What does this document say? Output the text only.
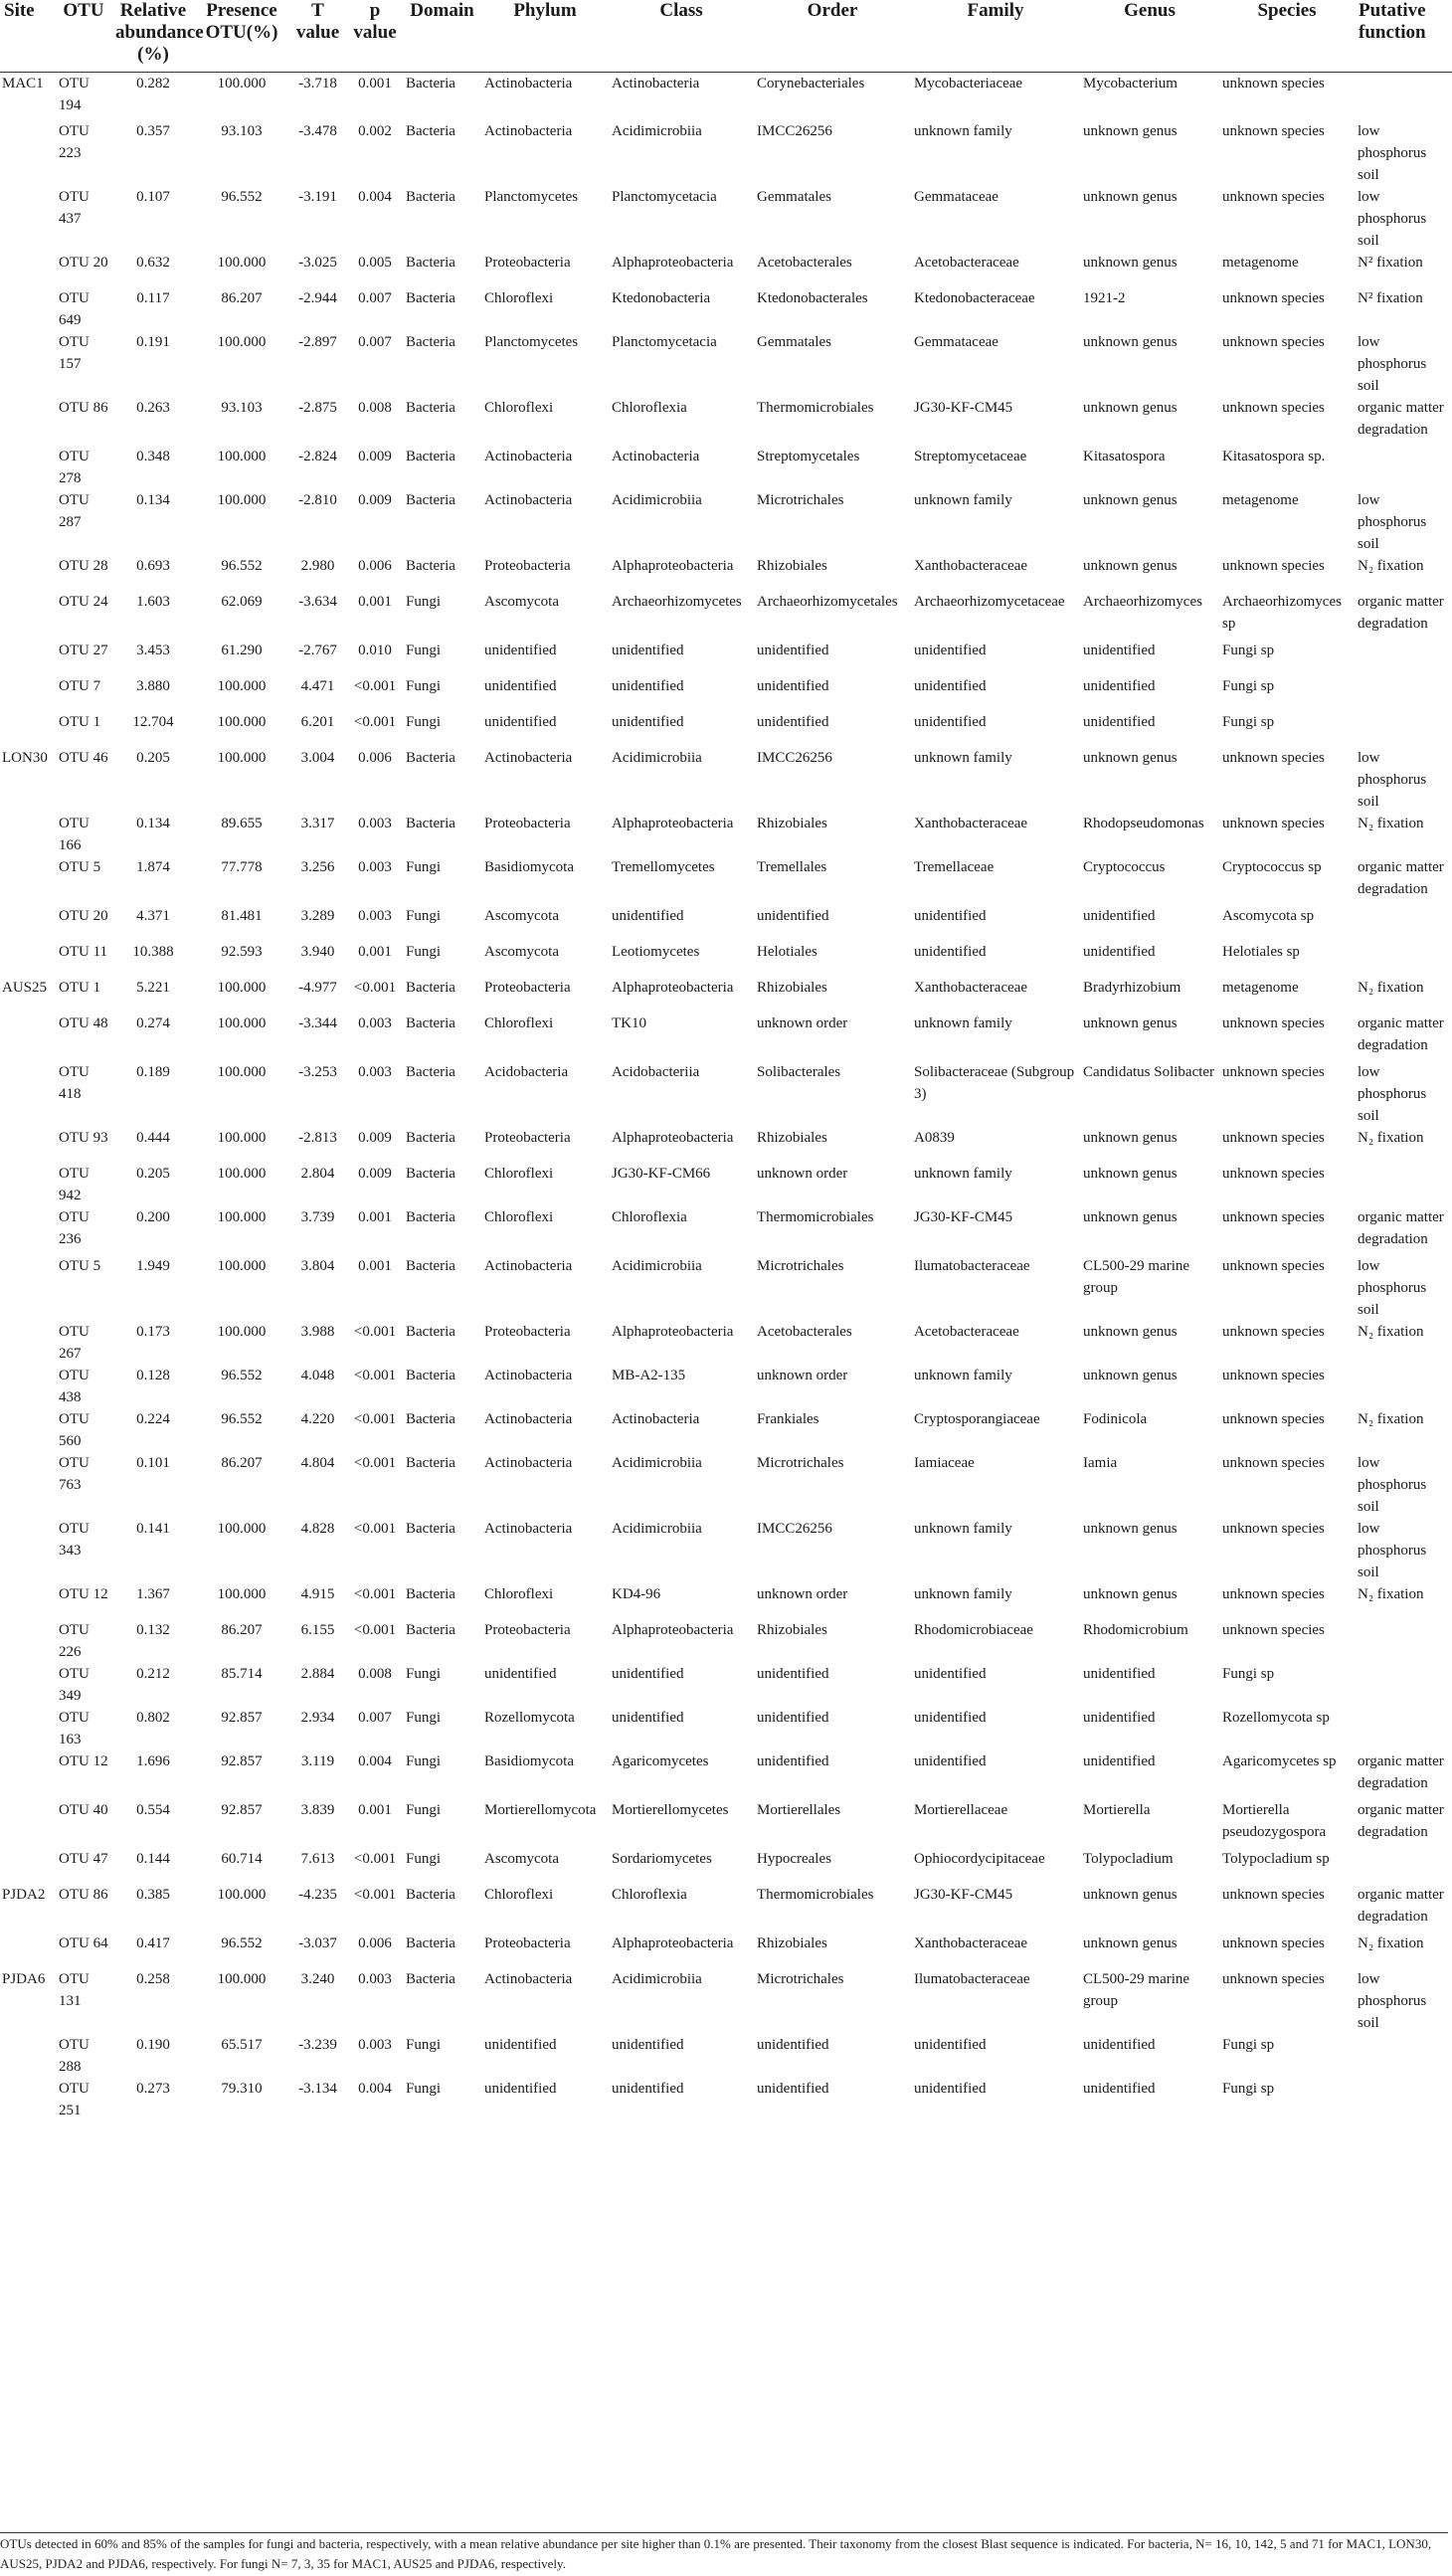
Site	OTU	Relative abundance (%)	Presence OTU(%)	T value	p value	Domain	Phylum	Class	Order	Family	Genus	Species	Putative function
MAC1	OTU 194	0.282	100.000	-3.718	0.001	Bacteria	Actinobacteria	Actinobacteria	Corynebacteriales	Mycobacteriaceae	Mycobacterium	unknown species	
	OTU 223	0.357	93.103	-3.478	0.002	Bacteria	Actinobacteria	Acidimicrobiia	IMCC26256	unknown family	unknown genus	unknown species	low phosphorus soil
	OTU 437	0.107	96.552	-3.191	0.004	Bacteria	Planctomycetes	Planctomycetacia	Gemmatales	Gemmataceae	unknown genus	unknown species	low phosphorus soil
	OTU 20	0.632	100.000	-3.025	0.005	Bacteria	Proteobacteria	Alphaproteobacteria	Acetobacterales	Acetobacteraceae	unknown genus	metagenome	N² fixation
	OTU 649	0.117	86.207	-2.944	0.007	Bacteria	Chloroflexi	Ktedonobacteria	Ktedonobacterales	Ktedonobacteraceae	1921-2	unknown species	N² fixation
	OTU 157	0.191	100.000	-2.897	0.007	Bacteria	Planctomycetes	Planctomycetacia	Gemmatales	Gemmataceae	unknown genus	unknown species	low phosphorus soil
	OTU 86	0.263	93.103	-2.875	0.008	Bacteria	Chloroflexi	Chloroflexia	Thermomicrobiales	JG30-KF-CM45	unknown genus	unknown species	organic matter degradation
	OTU 278	0.348	100.000	-2.824	0.009	Bacteria	Actinobacteria	Actinobacteria	Streptomycetales	Streptomycetaceae	Kitasatospora	Kitasatospora sp.	
	OTU 287	0.134	100.000	-2.810	0.009	Bacteria	Actinobacteria	Acidimicrobiia	Microtrichales	unknown family	unknown genus	metagenome	low phosphorus soil
	OTU 28	0.693	96.552	2.980	0.006	Bacteria	Proteobacteria	Alphaproteobacteria	Rhizobiales	Xanthobacteraceae	unknown genus	unknown species	N₂ fixation
	OTU 24	1.603	62.069	-3.634	0.001	Fungi	Ascomycota	Archaeorhizomycetes	Archaeorhizomycetales	Archaeorhizomycetaceae	Archaeorhizomyces	Archaeorhizomyces sp	organic matter degradation
	OTU 27	3.453	61.290	-2.767	0.010	Fungi	unidentified	unidentified	unidentified	unidentified	unidentified	Fungi sp	
	OTU 7	3.880	100.000	4.471	<0.001	Fungi	unidentified	unidentified	unidentified	unidentified	unidentified	Fungi sp	
	OTU 1	12.704	100.000	6.201	<0.001	Fungi	unidentified	unidentified	unidentified	unidentified	unidentified	Fungi sp	
LON30	OTU 46	0.205	100.000	3.004	0.006	Bacteria	Actinobacteria	Acidimicrobiia	IMCC26256	unknown family	unknown genus	unknown species	low phosphorus soil
	OTU 166	0.134	89.655	3.317	0.003	Bacteria	Proteobacteria	Alphaproteobacteria	Rhizobiales	Xanthobacteraceae	Rhodopseudomonas	unknown species	N₂ fixation
	OTU 5	1.874	77.778	3.256	0.003	Fungi	Basidiomycota	Tremellomycetes	Tremellales	Tremellaceae	Cryptococcus	Cryptococcus sp	organic matter degradation
	OTU 20	4.371	81.481	3.289	0.003	Fungi	Ascomycota	unidentified	unidentified	unidentified	unidentified	Ascomycota sp	
	OTU 11	10.388	92.593	3.940	0.001	Fungi	Ascomycota	Leotiomycetes	Helotiales	unidentified	unidentified	Helotiales sp	
AUS25	OTU 1	5.221	100.000	-4.977	<0.001	Bacteria	Proteobacteria	Alphaproteobacteria	Rhizobiales	Xanthobacteraceae	Bradyrhizobium	metagenome	N₂ fixation
	OTU 48	0.274	100.000	-3.344	0.003	Bacteria	Chloroflexi	TK10	unknown order	unknown family	unknown genus	unknown species	organic matter degradation
	OTU 418	0.189	100.000	-3.253	0.003	Bacteria	Acidobacteria	Acidobacteriia	Solibacterales	Solibacteraceae (Subgroup 3)	Candidatus Solibacter	unknown species	low phosphorus soil
	OTU 93	0.444	100.000	-2.813	0.009	Bacteria	Proteobacteria	Alphaproteobacteria	Rhizobiales	A0839	unknown genus	unknown species	N₂ fixation
	OTU 942	0.205	100.000	2.804	0.009	Bacteria	Chloroflexi	JG30-KF-CM66	unknown order	unknown family	unknown genus	unknown species	
	OTU 236	0.200	100.000	3.739	0.001	Bacteria	Chloroflexi	Chloroflexia	Thermomicrobiales	JG30-KF-CM45	unknown genus	unknown species	organic matter degradation
	OTU 5	1.949	100.000	3.804	0.001	Bacteria	Actinobacteria	Acidimicrobiia	Microtrichales	Ilumatobacteraceae	CL500-29 marine group	unknown species	low phosphorus soil
	OTU 267	0.173	100.000	3.988	<0.001	Bacteria	Proteobacteria	Alphaproteobacteria	Acetobacterales	Acetobacteraceae	unknown genus	unknown species	N₂ fixation
	OTU 438	0.128	96.552	4.048	<0.001	Bacteria	Actinobacteria	MB-A2-135	unknown order	unknown family	unknown genus	unknown species	
	OTU 560	0.224	96.552	4.220	<0.001	Bacteria	Actinobacteria	Actinobacteria	Frankiales	Cryptosporangiaceae	Fodinicola	unknown species	N₂ fixation
	OTU 763	0.101	86.207	4.804	<0.001	Bacteria	Actinobacteria	Acidimicrobiia	Microtrichales	Iamiaceae	Iamia	unknown species	low phosphorus soil
	OTU 343	0.141	100.000	4.828	<0.001	Bacteria	Actinobacteria	Acidimicrobiia	IMCC26256	unknown family	unknown genus	unknown species	low phosphorus soil
	OTU 12	1.367	100.000	4.915	<0.001	Bacteria	Chloroflexi	KD4-96	unknown order	unknown family	unknown genus	unknown species	N₂ fixation
	OTU 226	0.132	86.207	6.155	<0.001	Bacteria	Proteobacteria	Alphaproteobacteria	Rhizobiales	Rhodomicrobiaceae	Rhodomicrobium	unknown species	
	OTU 349	0.212	85.714	2.884	0.008	Fungi	unidentified	unidentified	unidentified	unidentified	unidentified	Fungi sp	
	OTU 163	0.802	92.857	2.934	0.007	Fungi	Rozellomycota	unidentified	unidentified	unidentified	unidentified	Rozellomycota sp	
	OTU 12	1.696	92.857	3.119	0.004	Fungi	Basidiomycota	Agaricomycetes	unidentified	unidentified	unidentified	Agaricomycetes sp	organic matter degradation
	OTU 40	0.554	92.857	3.839	0.001	Fungi	Mortierellomycota	Mortierellomycetes	Mortierellales	Mortierellaceae	Mortierella	Mortierella pseudozygospora	organic matter degradation
	OTU 47	0.144	60.714	7.613	<0.001	Fungi	Ascomycota	Sordariomycetes	Hypocreales	Ophiocordycipitaceae	Tolypocladium	Tolypocladium sp	
PJDA2	OTU 86	0.385	100.000	-4.235	<0.001	Bacteria	Chloroflexi	Chloroflexia	Thermomicrobiales	JG30-KF-CM45	unknown genus	unknown species	organic matter degradation
	OTU 64	0.417	96.552	-3.037	0.006	Bacteria	Proteobacteria	Alphaproteobacteria	Rhizobiales	Xanthobacteraceae	unknown genus	unknown species	N₂ fixation
PJDA6	OTU 131	0.258	100.000	3.240	0.003	Bacteria	Actinobacteria	Acidimicrobiia	Microtrichales	Ilumatobacteraceae	CL500-29 marine group	unknown species	low phosphorus soil
	OTU 288	0.190	65.517	-3.239	0.003	Fungi	unidentified	unidentified	unidentified	unidentified	unidentified	Fungi sp	
	OTU 251	0.273	79.310	-3.134	0.004	Fungi	unidentified	unidentified	unidentified	unidentified	unidentified	Fungi sp	
OTUs detected in 60% and 85% of the samples for fungi and bacteria, respectively, with a mean relative abundance per site higher than 0.1% are presented. Their taxonomy from the closest Blast sequence is indicated. For bacteria, N= 16, 10, 142, 5 and 71 for MAC1, LON30, AUS25, PJDA2 and PJDA6, respectively. For fungi N= 7, 3, 35 for MAC1, AUS25 and PJDA6, respectively.
